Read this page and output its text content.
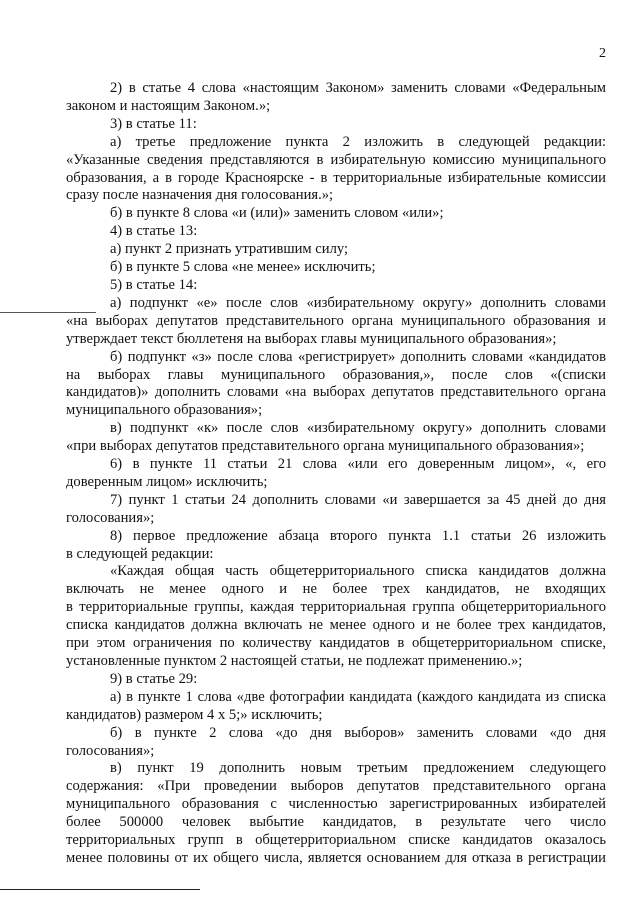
2
2) в статье 4 слова «настоящим Законом» заменить словами «Федеральным
законом и настоящим Законом.»;
3) в статье 11:
а) третье предложение пункта 2 изложить в следующей редакции:
«Указанные сведения представляются в избирательную комиссию муниципального
образования, а в городе Красноярске - в территориальные избирательные комиссии
сразу после назначения дня голосования.»;
б) в пункте 8 слова «и (или)» заменить словом «или»;
4) в статье 13:
а) пункт 2 признать утратившим силу;
б) в пункте 5 слова «не менее» исключить;
5) в статье 14:
а) подпункт «е» после слов «избирательному округу» дополнить словами
«на выборах депутатов представительного органа муниципального образования и
утверждает текст бюллетеня на выборах главы муниципального образования»;
б) подпункт «з» после слова «регистрирует» дополнить словами «кандидатов
на выборах главы муниципального образования,», после слов «(списки
кандидатов)» дополнить словами «на выборах депутатов представительного органа
муниципального образования»;
в) подпункт «к» после слов «избирательному округу» дополнить словами
«при выборах депутатов представительного органа муниципального образования»;
6) в пункте 11 статьи 21 слова «или его доверенным лицом», «, его
доверенным лицом» исключить;
7) пункт 1 статьи 24 дополнить словами «и завершается за 45 дней до дня
голосования»;
8) первое предложение абзаца второго пункта 1.1 статьи 26 изложить
в следующей редакции:
«Каждая общая часть общетерриториального списка кандидатов должна
включать не менее одного и не более трех кандидатов, не входящих
в территориальные группы, каждая территориальная группа общетерриториального
списка кандидатов должна включать не менее одного и не более трех кандидатов,
при этом ограничения по количеству кандидатов в общетерриториальном списке,
установленные пунктом 2 настоящей статьи, не подлежат применению.»;
9) в статье 29:
а) в пункте 1 слова «две фотографии кандидата (каждого кандидата из списка
кандидатов) размером 4 x 5;» исключить;
б) в пункте 2 слова «до дня выборов» заменить словами «до дня
голосования»;
в) пункт 19 дополнить новым третьим предложением следующего
содержания: «При проведении выборов депутатов представительного органа
муниципального образования с численностью зарегистрированных избирателей
более 500000 человек выбытие кандидатов, в результате чего число
территориальных групп в общетерриториальном списке кандидатов оказалось
менее половины от их общего числа, является основанием для отказа в регистрации
